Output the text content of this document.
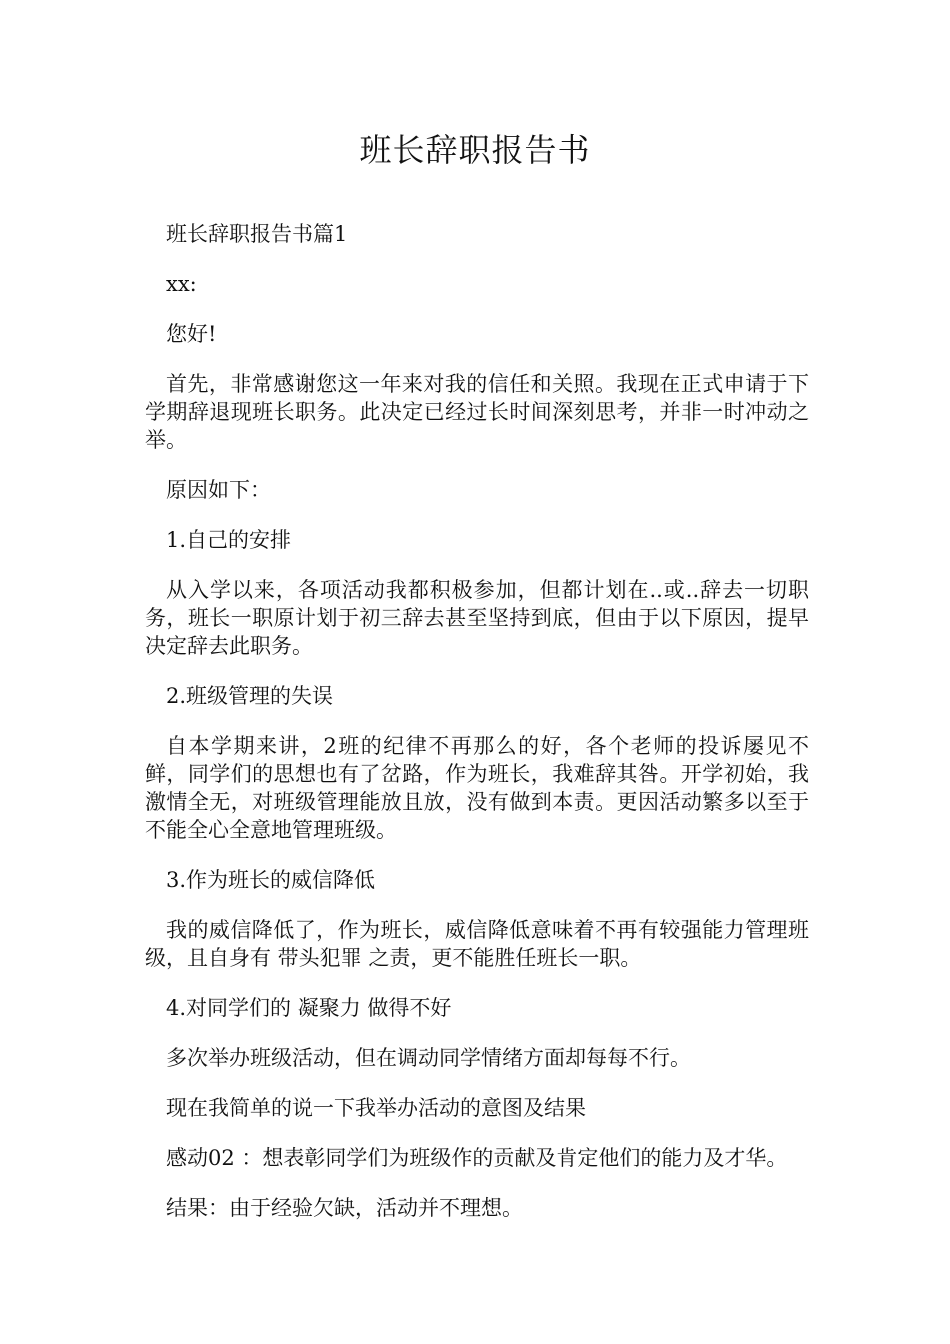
班长辞职报告书

班长辞职报告书篇1

xx:

您好!

首先，非常感谢您这一年来对我的信任和关照。我现在正式申请于下学期辞退现班长职务。此决定已经过长时间深刻思考，并非一时冲动之举。

原因如下：

1.自己的安排

从入学以来，各项活动我都积极参加，但都计划在..或..辞去一切职务，班长一职原计划于初三辞去甚至坚持到底，但由于以下原因，提早决定辞去此职务。

2.班级管理的失误

自本学期来讲，2班的纪律不再那么的好，各个老师的投诉屡见不鲜，同学们的思想也有了岔路，作为班长，我难辞其咎。开学初始，我激情全无，对班级管理能放且放，没有做到本责。更因活动繁多以至于不能全心全意地管理班级。

3.作为班长的威信降低

我的威信降低了，作为班长，威信降低意味着不再有较强能力管理班级，且自身有 带头犯罪 之责，更不能胜任班长一职。

4.对同学们的 凝聚力 做得不好

多次举办班级活动，但在调动同学情绪方面却每每不行。

现在我简单的说一下我举办活动的意图及结果

感动02 ：想表彰同学们为班级作的贡献及肯定他们的能力及才华。

结果：由于经验欠缺，活动并不理想。
